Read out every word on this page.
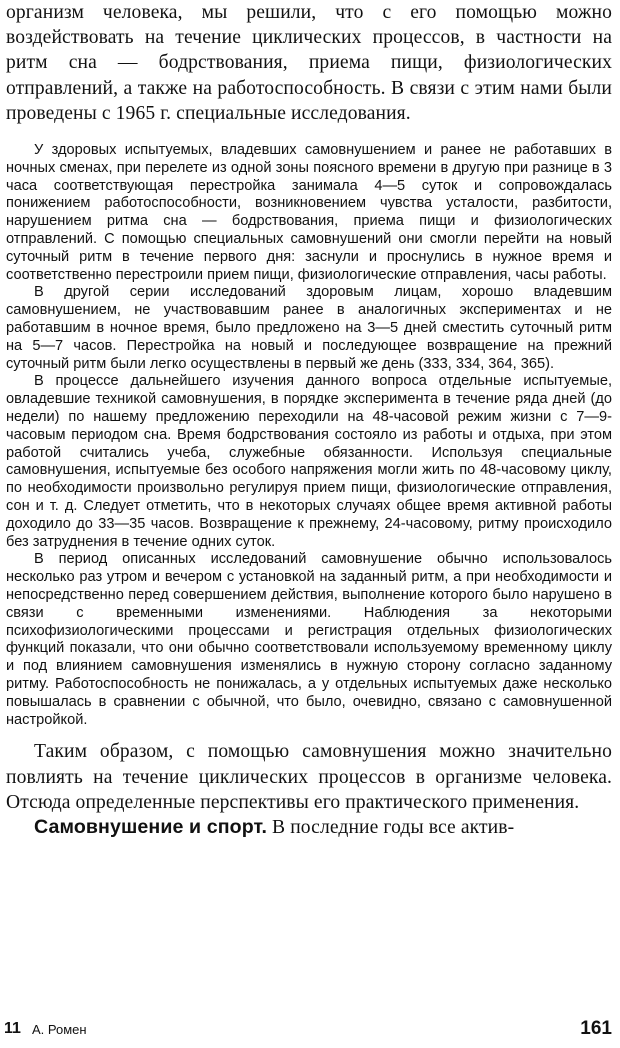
организм человека, мы решили, что с его помощью можно воздействовать на течение циклических процессов, в частности на ритм сна — бодрствования, приема пищи, физиологических отправлений, а также на работоспособность. В связи с этим нами были проведены с 1965 г. специальные исследования.

У здоровых испытуемых, владевших самовнушением и ранее не работавших в ночных сменах, при перелете из одной зоны поясного времени в другую при разнице в 3 часа соответствующая перестройка занимала 4—5 суток и сопровождалась понижением работоспособности, возникновением чувства усталости, разбитости, нарушением ритма сна — бодрствования, приема пищи и физиологических отправлений. С помощью специальных самовнушений они смогли перейти на новый суточный ритм в течение первого дня: заснули и проснулись в нужное время и соответственно перестроили прием пищи, физиологические отправления, часы работы.

В другой серии исследований здоровым лицам, хорошо владевшим самовнушением, не участвовавшим ранее в аналогичных экспериментах и не работавшим в ночное время, было предложено на 3—5 дней сместить суточный ритм на 5—7 часов. Перестройка на новый и последующее возвращение на прежний суточный ритм были легко осуществлены в первый же день (333, 334, 364, 365).

В процессе дальнейшего изучения данного вопроса отдельные испытуемые, овладевшие техникой самовнушения, в порядке эксперимента в течение ряда дней (до недели) по нашему предложению переходили на 48-часовой режим жизни с 7—9-часовым периодом сна. Время бодрствования состояло из работы и отдыха, при этом работой считались учеба, служебные обязанности. Используя специальные самовнушения, испытуемые без особого напряжения могли жить по 48-часовому циклу, по необходимости произвольно регулируя прием пищи, физиологические отправления, сон и т. д. Следует отметить, что в некоторых случаях общее время активной работы доходило до 33—35 часов. Возвращение к прежнему, 24-часовому, ритму происходило без затруднения в течение одних суток.

В период описанных исследований самовнушение обычно использовалось несколько раз утром и вечером с установкой на заданный ритм, а при необходимости и непосредственно перед совершением действия, выполнение которого было нарушено в связи с временными изменениями. Наблюдения за некоторыми психофизиологическими процессами и регистрация отдельных физиологических функций показали, что они обычно соответствовали используемому временному циклу и под влиянием самовнушения изменялись в нужную сторону согласно заданному ритму. Работоспособность не понижалась, а у отдельных испытуемых даже несколько повышалась в сравнении с обычной, что было, очевидно, связано с самовнушенной настройкой.

Таким образом, с помощью самовнушения можно значительно повлиять на течение циклических процессов в организме человека. Отсюда определенные перспективы его практического применения.

Самовнушение и спорт. В последние годы все актив-

11 А. Ромен	161
